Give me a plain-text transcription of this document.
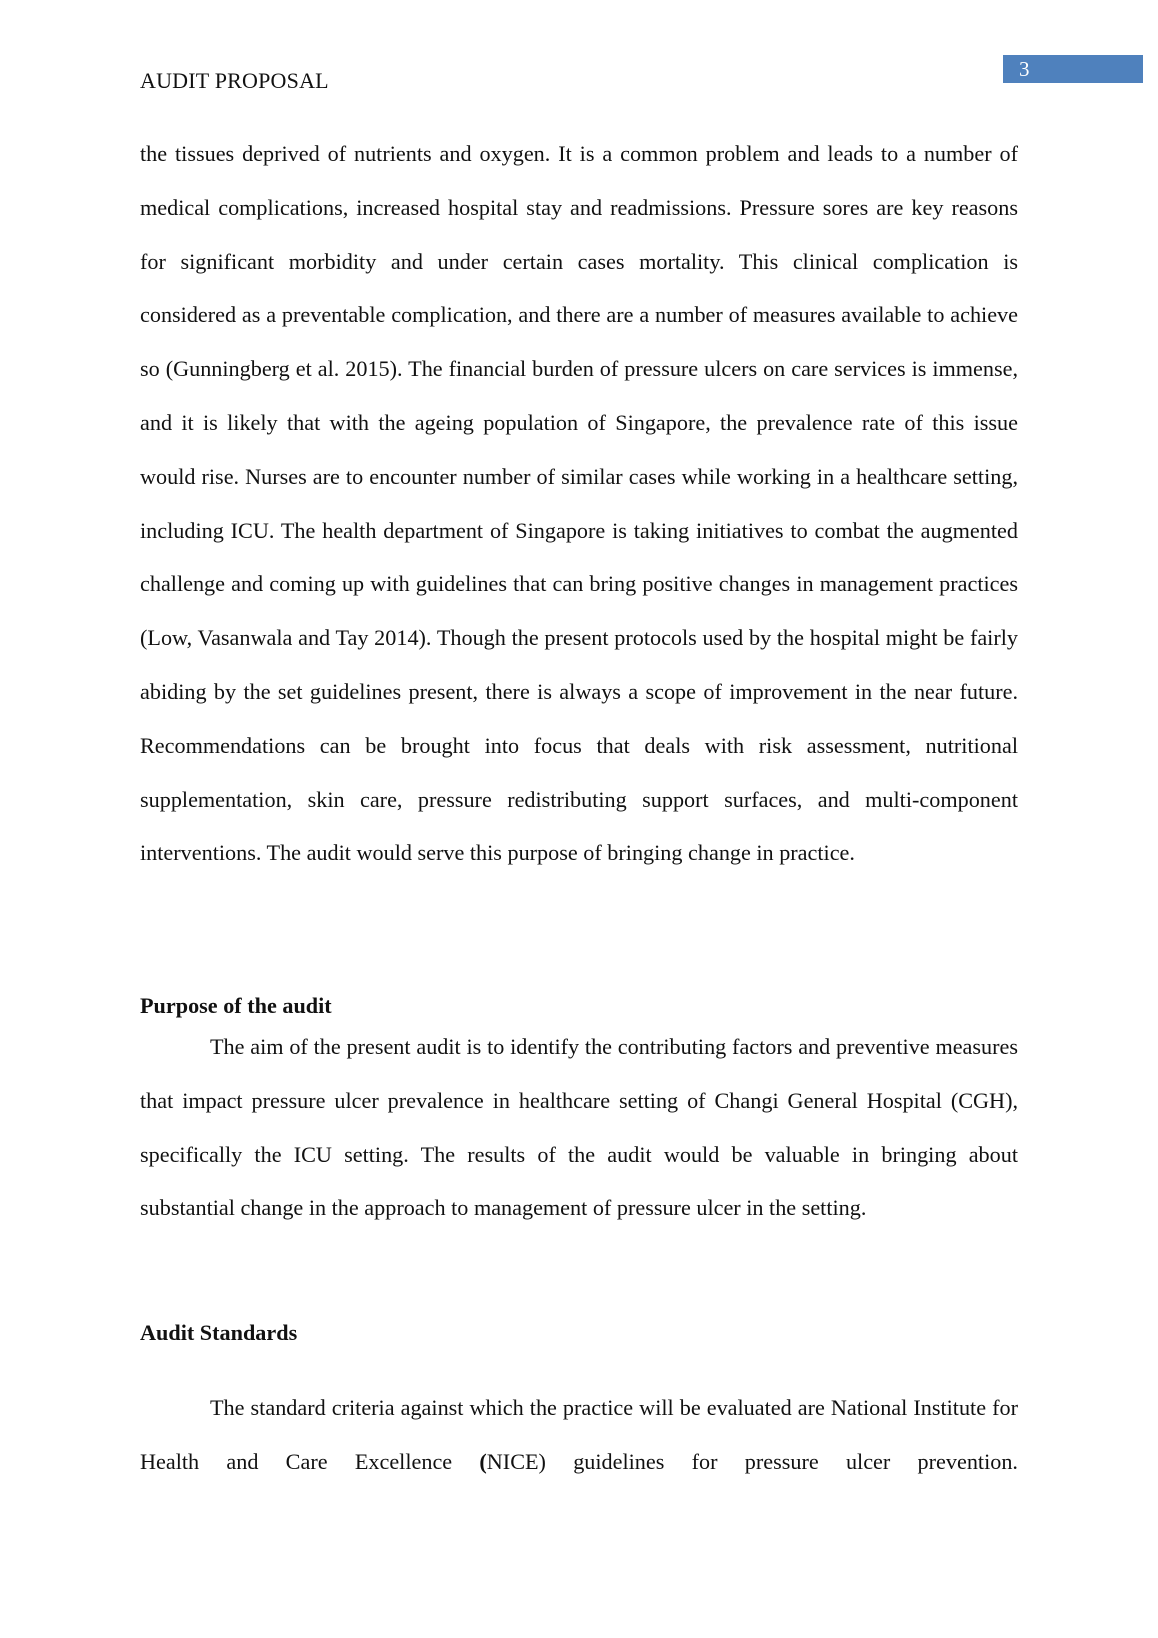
3
AUDIT PROPOSAL

the tissues deprived of nutrients and oxygen. It is a common problem and leads to a number of medical complications, increased hospital stay and readmissions. Pressure sores are key reasons for significant morbidity and under certain cases mortality. This clinical complication is considered as a preventable complication, and there are a number of measures available to achieve so (Gunningberg et al. 2015). The financial burden of pressure ulcers on care services is immense, and it is likely that with the ageing population of Singapore, the prevalence rate of this issue would rise. Nurses are to encounter number of similar cases while working in a healthcare setting, including ICU. The health department of Singapore is taking initiatives to combat the augmented challenge and coming up with guidelines that can bring positive changes in management practices (Low, Vasanwala and Tay 2014). Though the present protocols used by the hospital might be fairly abiding by the set guidelines present, there is always a scope of improvement in the near future. Recommendations can be brought into focus that deals with risk assessment, nutritional supplementation, skin care, pressure redistributing support surfaces, and multi-component interventions. The audit would serve this purpose of bringing change in practice.

Purpose of the audit

The aim of the present audit is to identify the contributing factors and preventive measures that impact pressure ulcer prevalence in healthcare setting of Changi General Hospital (CGH), specifically the ICU setting. The results of the audit would be valuable in bringing about substantial change in the approach to management of pressure ulcer in the setting.

Audit Standards

The standard criteria against which the practice will be evaluated are National Institute for Health and Care Excellence (NICE) guidelines for pressure ulcer prevention.
